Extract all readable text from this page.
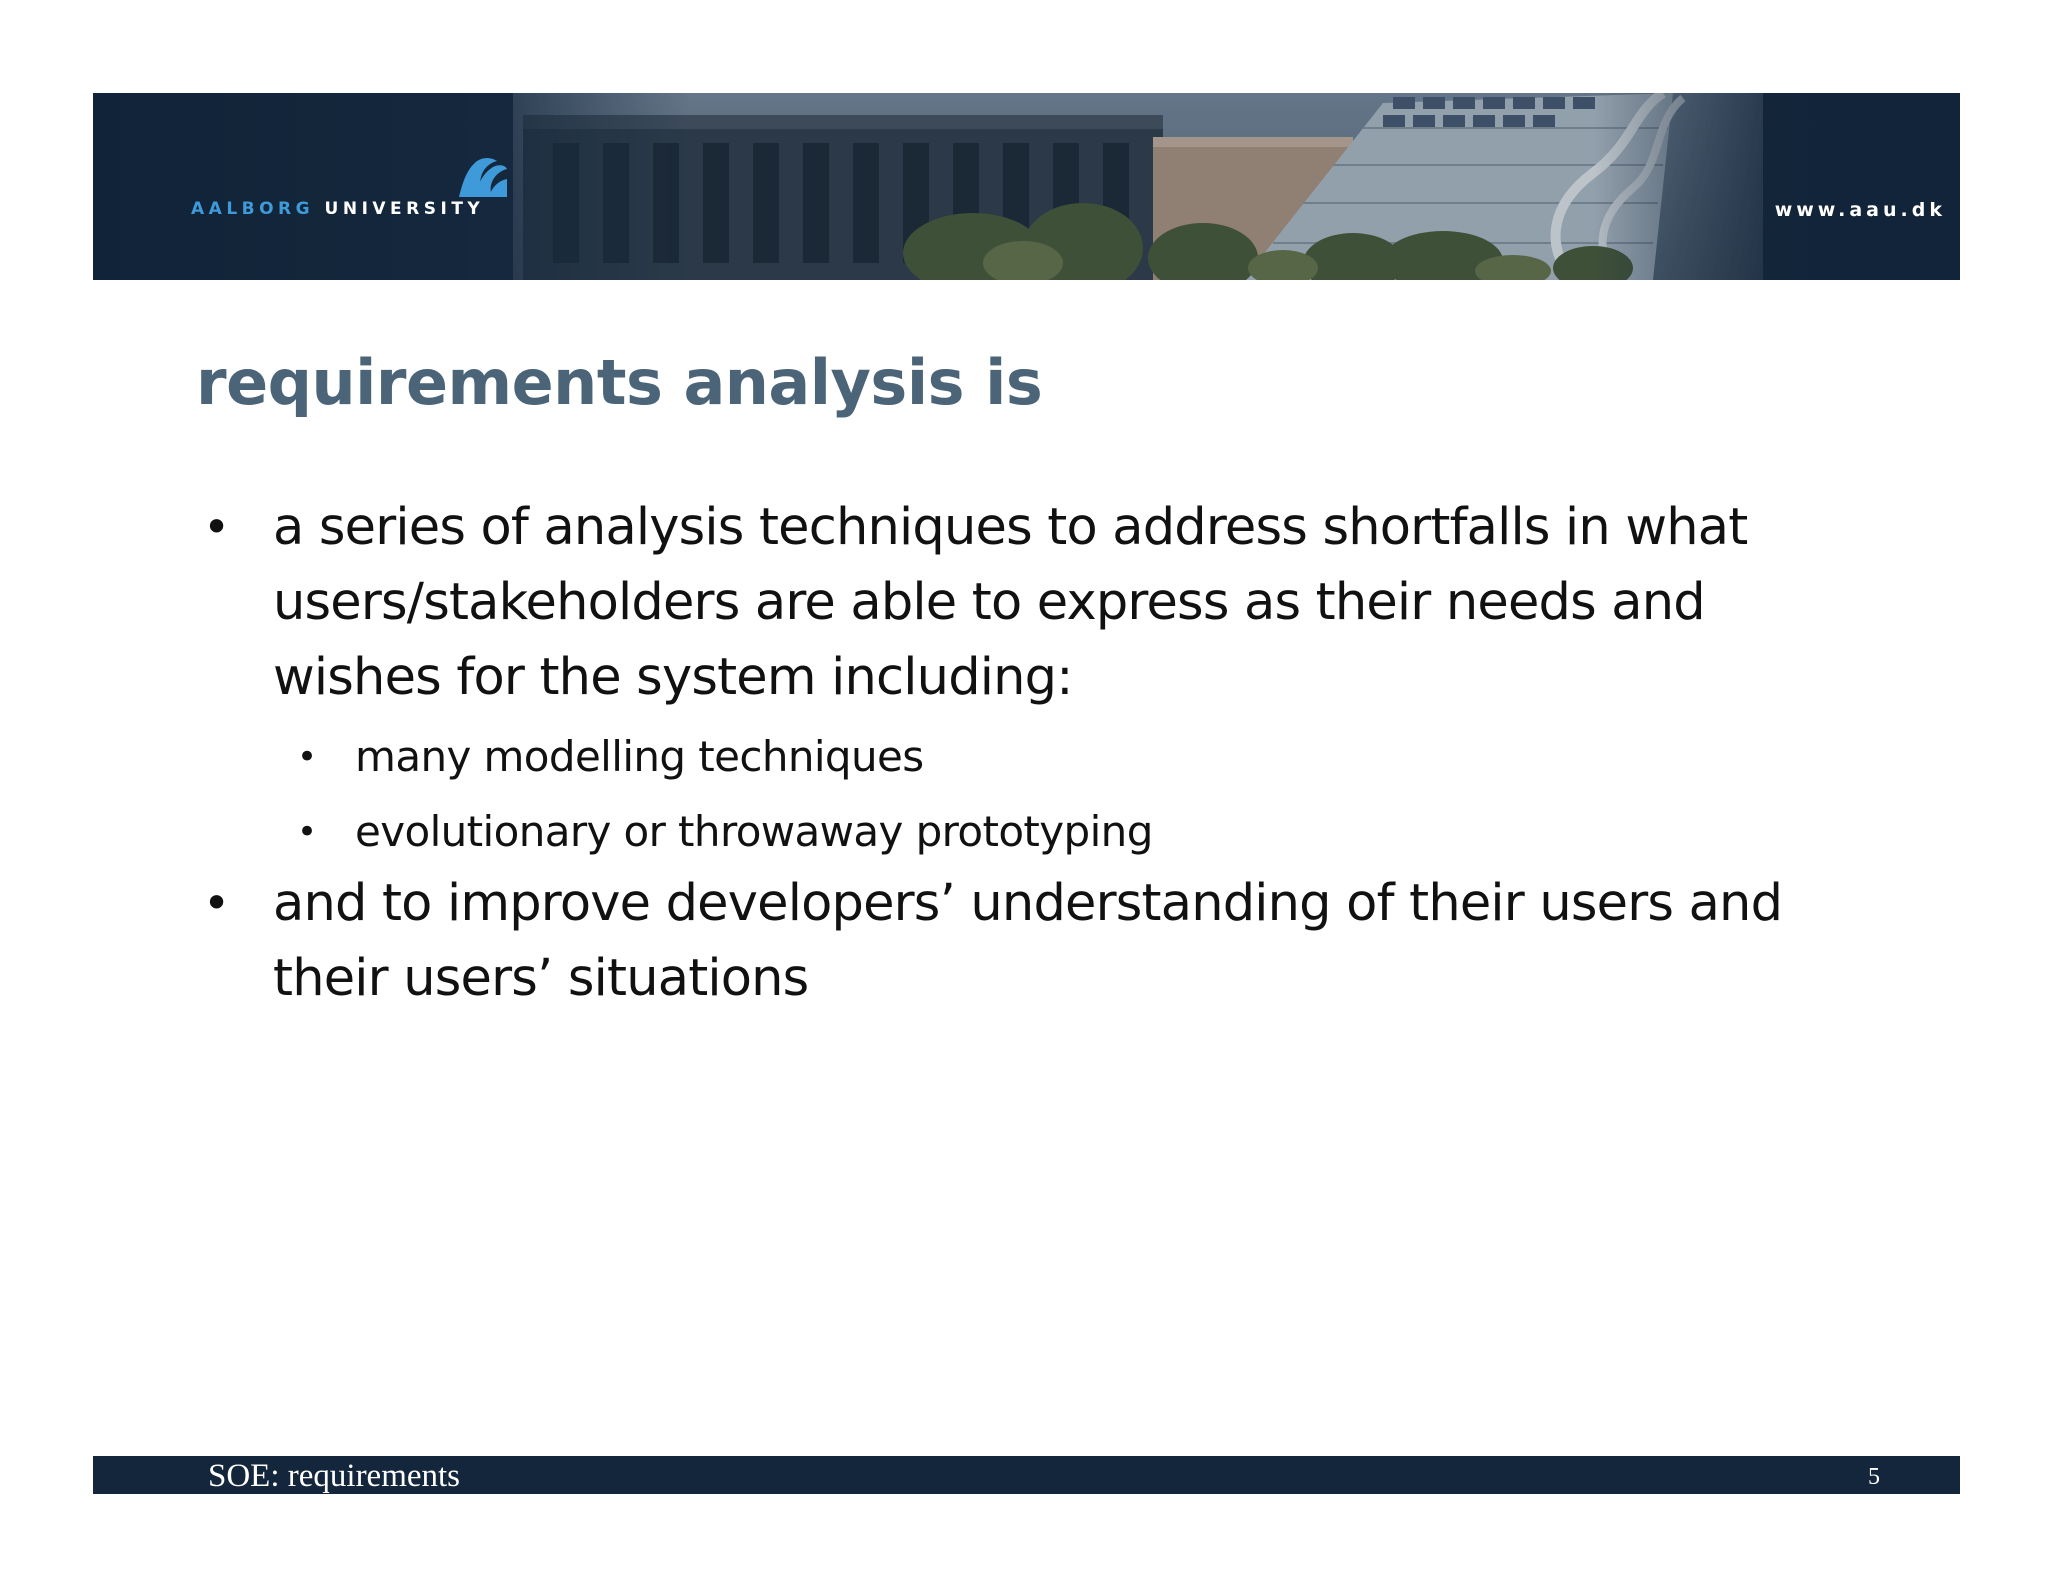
AALBORG UNIVERSITY	www.aau.dk
requirements analysis is
• a series of analysis techniques to address shortfalls in what
users/stakeholders are able to express as their needs and
wishes for the system including:
• many modelling techniques
• evolutionary or throwaway prototyping
• and to improve developers’ understanding of their users and
their users’ situations
SOE: requirements	5
